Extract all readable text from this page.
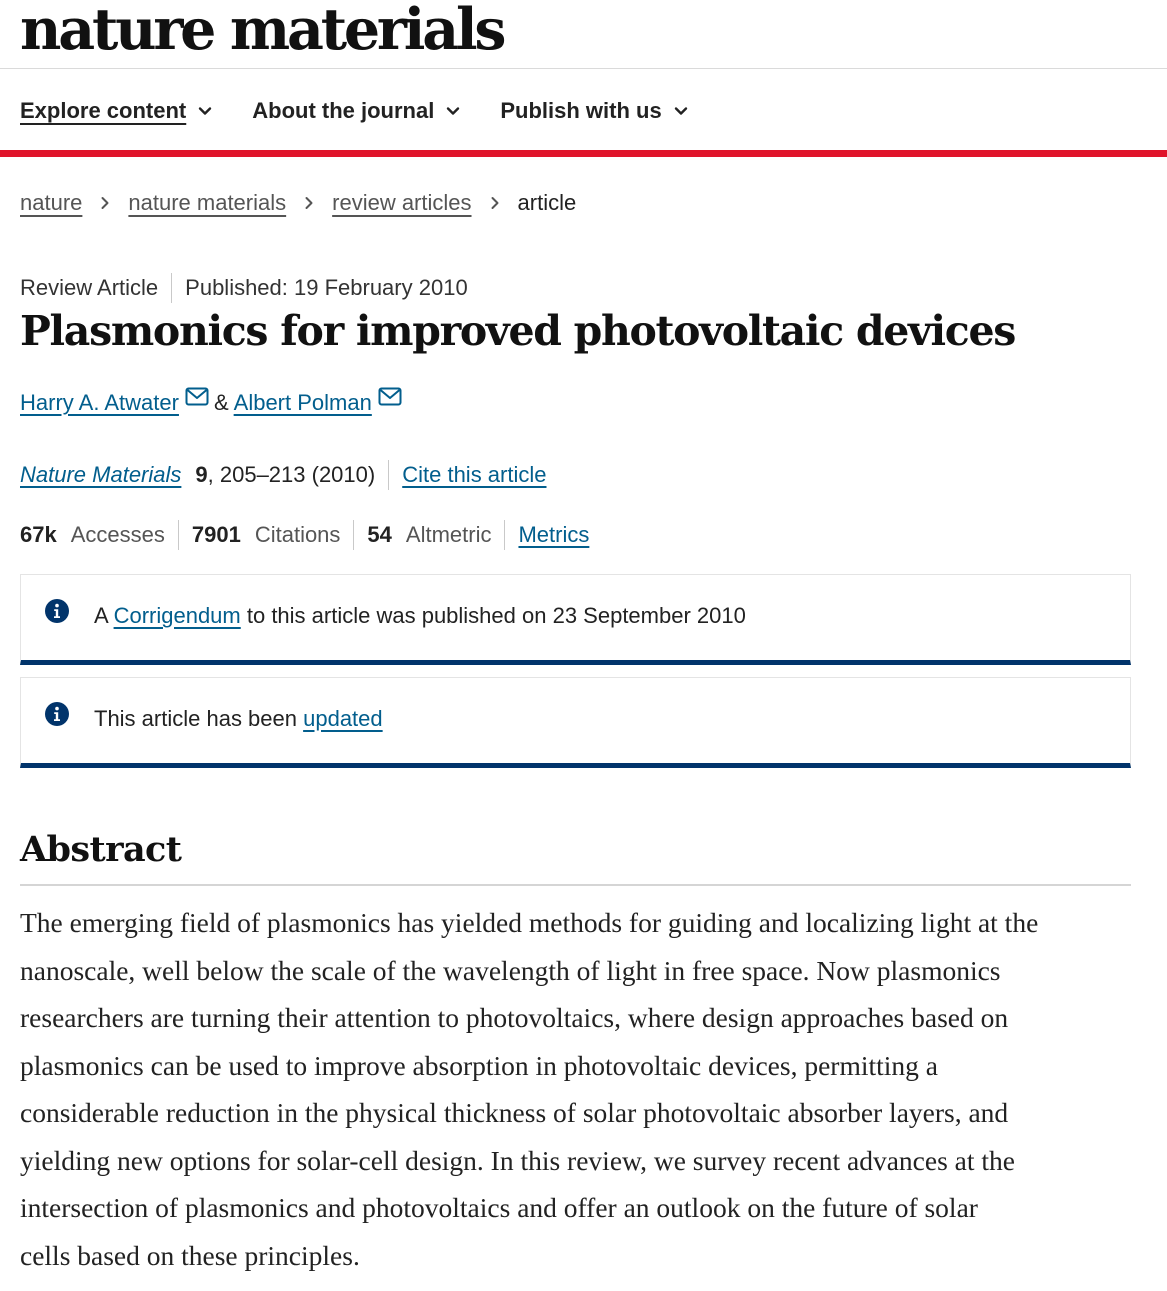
nature materials
Explore content	About the journal	Publish with us
nature nature materials review articles article
Review Article Published: 19 February 2010
Plasmonics for improved photovoltaic devices
Harry A. Atwater & Albert Polman
Nature Materials 9 , 205–213 (2010) Cite this article
67k Accesses 7901 Citations 54 Altmetric Metrics
A Corrigendum to this article was published on 23 September 2010
This article has been updated
Abstract

The emerging field of plasmonics has yielded methods for guiding and localizing light at the
nanoscale, well below the scale of the wavelength of light in free space. Now plasmonics
researchers are turning their attention to photovoltaics, where design approaches based on
plasmonics can be used to improve absorption in photovoltaic devices, permitting a
considerable reduction in the physical thickness of solar photovoltaic absorber layers, and
yielding new options for solar-cell design. In this review, we survey recent advances at the
intersection of plasmonics and photovoltaics and offer an outlook on the future of solar
cells based on these principles.
